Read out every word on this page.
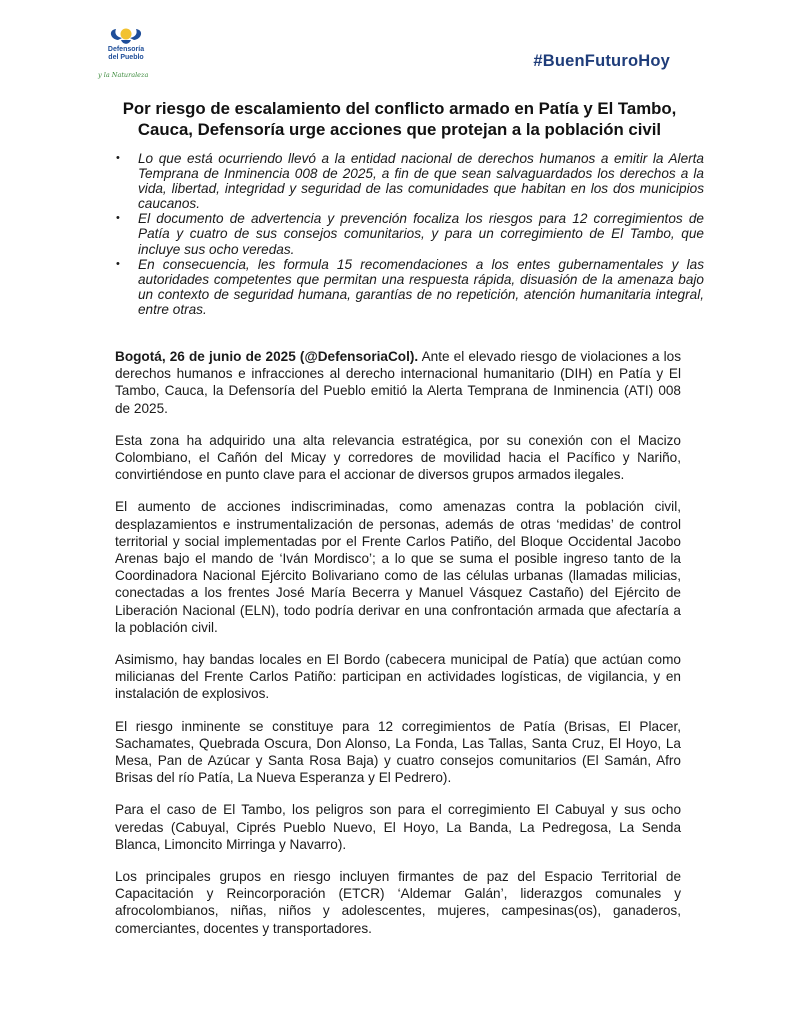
Defensoría
del Pueblo
y la Naturaleza
#BuenFuturoHoy
Por riesgo de escalamiento del conflicto armado en Patía y El Tambo, Cauca, Defensoría urge acciones que protejan a la población civil
• Lo que está ocurriendo llevó a la entidad nacional de derechos humanos a emitir la Alerta Temprana de Inminencia 008 de 2025, a fin de que sean salvaguardados los derechos a la vida, libertad, integridad y seguridad de las comunidades que habitan en los dos municipios caucanos.
• El documento de advertencia y prevención focaliza los riesgos para 12 corregimientos de Patía y cuatro de sus consejos comunitarios, y para un corregimiento de El Tambo, que incluye sus ocho veredas.
• En consecuencia, les formula 15 recomendaciones a los entes gubernamentales y las autoridades competentes que permitan una respuesta rápida, disuasión de la amenaza bajo un contexto de seguridad humana, garantías de no repetición, atención humanitaria integral, entre otras.

Bogotá, 26 de junio de 2025 (@DefensoriaCol). Ante el elevado riesgo de violaciones a los derechos humanos e infracciones al derecho internacional humanitario (DIH) en Patía y El Tambo, Cauca, la Defensoría del Pueblo emitió la Alerta Temprana de Inminencia (ATI) 008 de 2025.

Esta zona ha adquirido una alta relevancia estratégica, por su conexión con el Macizo Colombiano, el Cañón del Micay y corredores de movilidad hacia el Pacífico y Nariño, convirtiéndose en punto clave para el accionar de diversos grupos armados ilegales.

El aumento de acciones indiscriminadas, como amenazas contra la población civil, desplazamientos e instrumentalización de personas, además de otras ‘medidas’ de control territorial y social implementadas por el Frente Carlos Patiño, del Bloque Occidental Jacobo Arenas bajo el mando de ‘Iván Mordisco’; a lo que se suma el posible ingreso tanto de la Coordinadora Nacional Ejército Bolivariano como de las células urbanas (llamadas milicias, conectadas a los frentes José María Becerra y Manuel Vásquez Castaño) del Ejército de Liberación Nacional (ELN), todo podría derivar en una confrontación armada que afectaría a la población civil.

Asimismo, hay bandas locales en El Bordo (cabecera municipal de Patía) que actúan como milicianas del Frente Carlos Patiño: participan en actividades logísticas, de vigilancia, y en instalación de explosivos.

El riesgo inminente se constituye para 12 corregimientos de Patía (Brisas, El Placer, Sachamates, Quebrada Oscura, Don Alonso, La Fonda, Las Tallas, Santa Cruz, El Hoyo, La Mesa, Pan de Azúcar y Santa Rosa Baja) y cuatro consejos comunitarios (El Samán, Afro Brisas del río Patía, La Nueva Esperanza y El Pedrero).

Para el caso de El Tambo, los peligros son para el corregimiento El Cabuyal y sus ocho veredas (Cabuyal, Ciprés Pueblo Nuevo, El Hoyo, La Banda, La Pedregosa, La Senda Blanca, Limoncito Mirringa y Navarro).

Los principales grupos en riesgo incluyen firmantes de paz del Espacio Territorial de Capacitación y Reincorporación (ETCR) ‘Aldemar Galán’, liderazgos comunales y afrocolombianos, niñas, niños y adolescentes, mujeres, campesinas(os), ganaderos, comerciantes, docentes y transportadores.
